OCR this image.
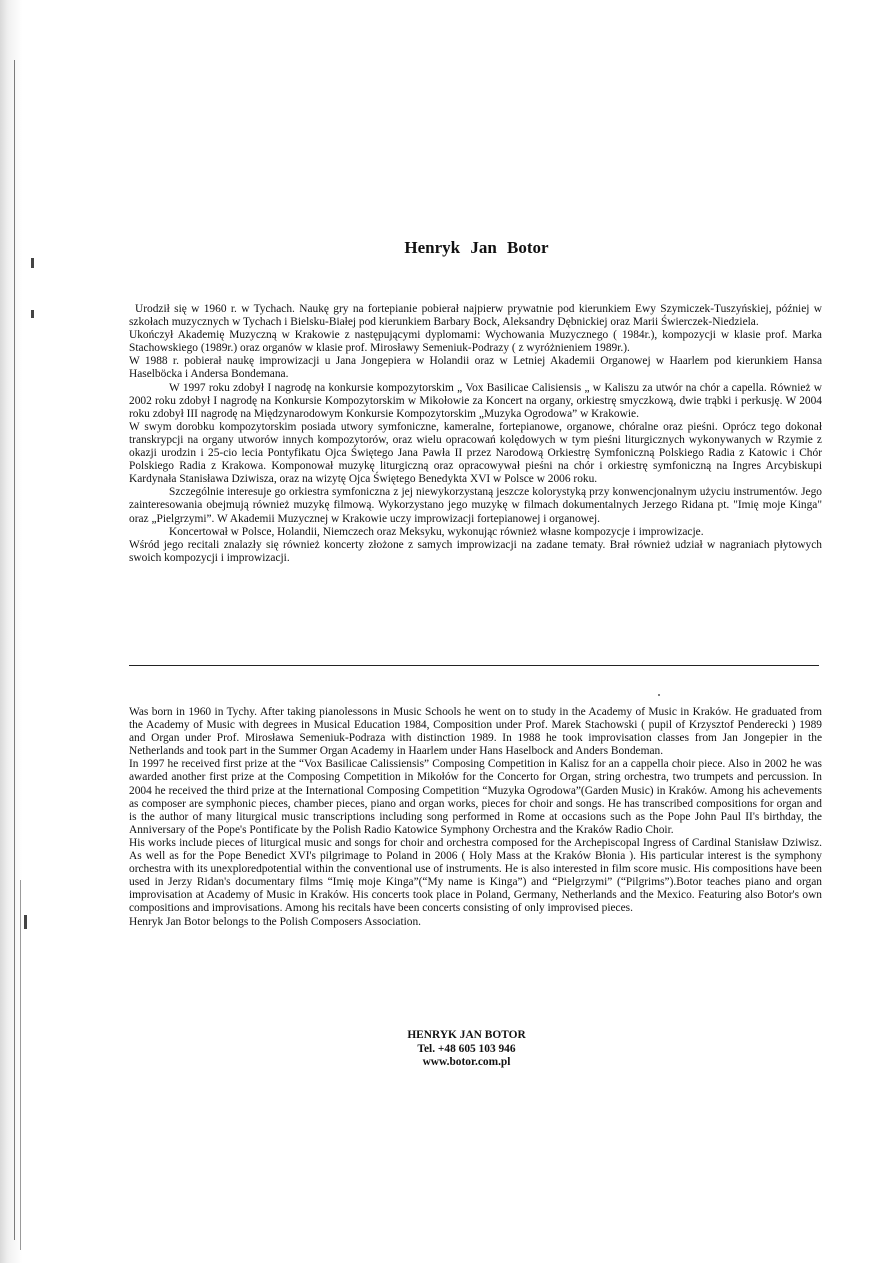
Henryk Jan Botor

Urodził się w 1960 r. w Tychach. Naukę gry na fortepianie pobierał najpierw prywatnie pod kierunkiem Ewy Szymiczek-Tuszyńskiej, później w szkołach muzycznych w Tychach i Bielsku-Białej pod kierunkiem Barbary Bock, Aleksandry Dębnickiej oraz Marii Świerczek-Niedziela.

Ukończył Akademię Muzyczną w Krakowie z następującymi dyplomami: Wychowania Muzycznego ( 1984r.), kompozycji w klasie prof. Marka Stachowskiego (1989r.) oraz organów w klasie prof. Mirosławy Semeniuk-Podrazy ( z wyróżnieniem 1989r.).

W 1988 r. pobierał naukę improwizacji u Jana Jongepiera w Holandii oraz w Letniej Akademii Organowej w Haarlem pod kierunkiem Hansa Haselböcka i Andersa Bondemana.

W 1997 roku zdobył I nagrodę na konkursie kompozytorskim „ Vox Basilicae Calisiensis „ w Kaliszu za utwór na chór a capella. Również w 2002 roku zdobył I nagrodę na Konkursie Kompozytorskim w Mikołowie za Koncert na organy, orkiestrę smyczkową, dwie trąbki i perkusję. W 2004 roku zdobył III nagrodę na Międzynarodowym Konkursie Kompozytorskim „Muzyka Ogrodowa” w Krakowie.

W swym dorobku kompozytorskim posiada utwory symfoniczne, kameralne, fortepianowe, organowe, chóralne oraz pieśni. Oprócz tego dokonał transkrypcji na organy utworów innych kompozytorów, oraz wielu opracowań kolędowych w tym pieśni liturgicznych wykonywanych w Rzymie z okazji urodzin i 25-cio lecia Pontyfikatu Ojca Świętego Jana Pawła II przez Narodową Orkiestrę Symfoniczną Polskiego Radia z Katowic i Chór Polskiego Radia z Krakowa. Komponował muzykę liturgiczną oraz opracowywał pieśni na chór i orkiestrę symfoniczną na Ingres Arcybiskupi Kardynała Stanisława Dziwisza, oraz na wizytę Ojca Świętego Benedykta XVI w Polsce w 2006 roku.

Szczególnie interesuje go orkiestra symfoniczna z jej niewykorzystaną jeszcze kolorystyką przy konwencjonalnym użyciu instrumentów. Jego zainteresowania obejmują również muzykę filmową. Wykorzystano jego muzykę w filmach dokumentalnych Jerzego Ridana pt. "Imię moje Kinga" oraz „Pielgrzymi”. W Akademii Muzycznej w Krakowie uczy improwizacji fortepianowej i organowej.

Koncertował w Polsce, Holandii, Niemczech oraz Meksyku, wykonując również własne kompozycje i improwizacje.

Wśród jego recitali znalazły się również koncerty złożone z samych improwizacji na zadane tematy. Brał również udział w nagraniach płytowych swoich kompozycji i improwizacji.

Was born in 1960 in Tychy. After taking pianolessons in Music Schools he went on to study in the Academy of Music in Kraków. He graduated from the Academy of Music with degrees in Musical Education 1984, Composition under Prof. Marek Stachowski ( pupil of Krzysztof Penderecki ) 1989 and Organ under Prof. Mirosława Semeniuk-Podraza with distinction 1989. In 1988 he took improvisation classes from Jan Jongepier in the Netherlands and took part in the Summer Organ Academy in Haarlem under Hans Haselbock and Anders Bondeman.

In 1997 he received first prize at the “Vox Basilicae Calissiensis” Composing Competition in Kalisz for an a cappella choir piece. Also in 2002 he was awarded another first prize at the Composing Competition in Mikołów for the Concerto for Organ, string orchestra, two trumpets and percussion. In 2004 he received the third prize at the International Composing Competition “Muzyka Ogrodowa”(Garden Music) in Kraków. Among his achevements as composer are symphonic pieces, chamber pieces, piano and organ works, pieces for choir and songs. He has transcribed compositions for organ and is the author of many liturgical music transcriptions including song performed in Rome at occasions such as the Pope John Paul II's birthday, the Anniversary of the Pope's Pontificate by the Polish Radio Katowice Symphony Orchestra and the Kraków Radio Choir.

His works include pieces of liturgical music and songs for choir and orchestra composed for the Archepiscopal Ingress of Cardinal Stanisław Dziwisz. As well as for the Pope Benedict XVI's pilgrimage to Poland in 2006 ( Holy Mass at the Kraków Błonia ). His particular interest is the symphony orchestra with its unexploredpotential within the conventional use of instruments. He is also interested in film score music. His compositions have been used in Jerzy Ridan's documentary films “Imię moje Kinga”(“My name is Kinga”) and “Pielgrzymi” (“Pilgrims”).Botor teaches piano and organ improvisation at Academy of Music in Kraków. His concerts took place in Poland, Germany, Netherlands and the Mexico. Featuring also Botor's own compositions and improvisations. Among his recitals have been concerts consisting of only improvised pieces.

Henryk Jan Botor belongs to the Polish Composers Association.

HENRYK JAN BOTOR
Tel. +48 605 103 946
www.botor.com.pl
